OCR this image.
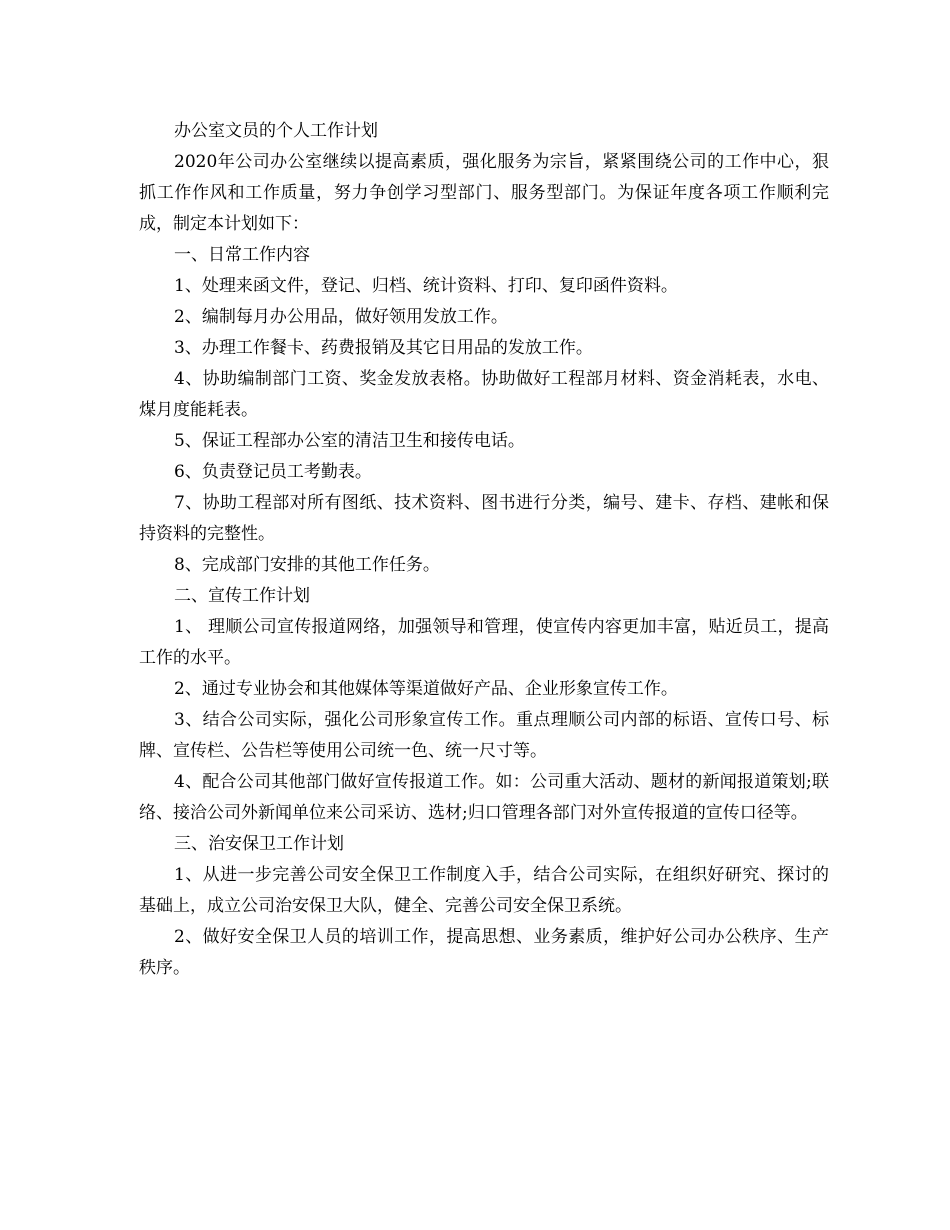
办公室文员的个人工作计划

2020年公司办公室继续以提高素质，强化服务为宗旨，紧紧围绕公司的工作中心，狠抓工作作风和工作质量，努力争创学习型部门、服务型部门。为保证年度各项工作顺利完成，制定本计划如下：

一、日常工作内容

1、处理来函文件，登记、归档、统计资料、打印、复印函件资料。

2、编制每月办公用品，做好领用发放工作。

3、办理工作餐卡、药费报销及其它日用品的发放工作。

4、协助编制部门工资、奖金发放表格。协助做好工程部月材料、资金消耗表，水电、煤月度能耗表。

5、保证工程部办公室的清洁卫生和接传电话。

6、负责登记员工考勤表。

7、协助工程部对所有图纸、技术资料、图书进行分类，编号、建卡、存档、建帐和保持资料的完整性。

8、完成部门安排的其他工作任务。

二、宣传工作计划

1、 理顺公司宣传报道网络，加强领导和管理，使宣传内容更加丰富，贴近员工，提高工作的水平。

2、通过专业协会和其他媒体等渠道做好产品、企业形象宣传工作。

3、结合公司实际，强化公司形象宣传工作。重点理顺公司内部的标语、宣传口号、标牌、宣传栏、公告栏等使用公司统一色、统一尺寸等。

4、配合公司其他部门做好宣传报道工作。如：公司重大活动、题材的新闻报道策划;联络、接洽公司外新闻单位来公司采访、选材;归口管理各部门对外宣传报道的宣传口径等。

三、治安保卫工作计划

1、从进一步完善公司安全保卫工作制度入手，结合公司实际，在组织好研究、探讨的基础上，成立公司治安保卫大队，健全、完善公司安全保卫系统。

2、做好安全保卫人员的培训工作，提高思想、业务素质，维护好公司办公秩序、生产秩序。
